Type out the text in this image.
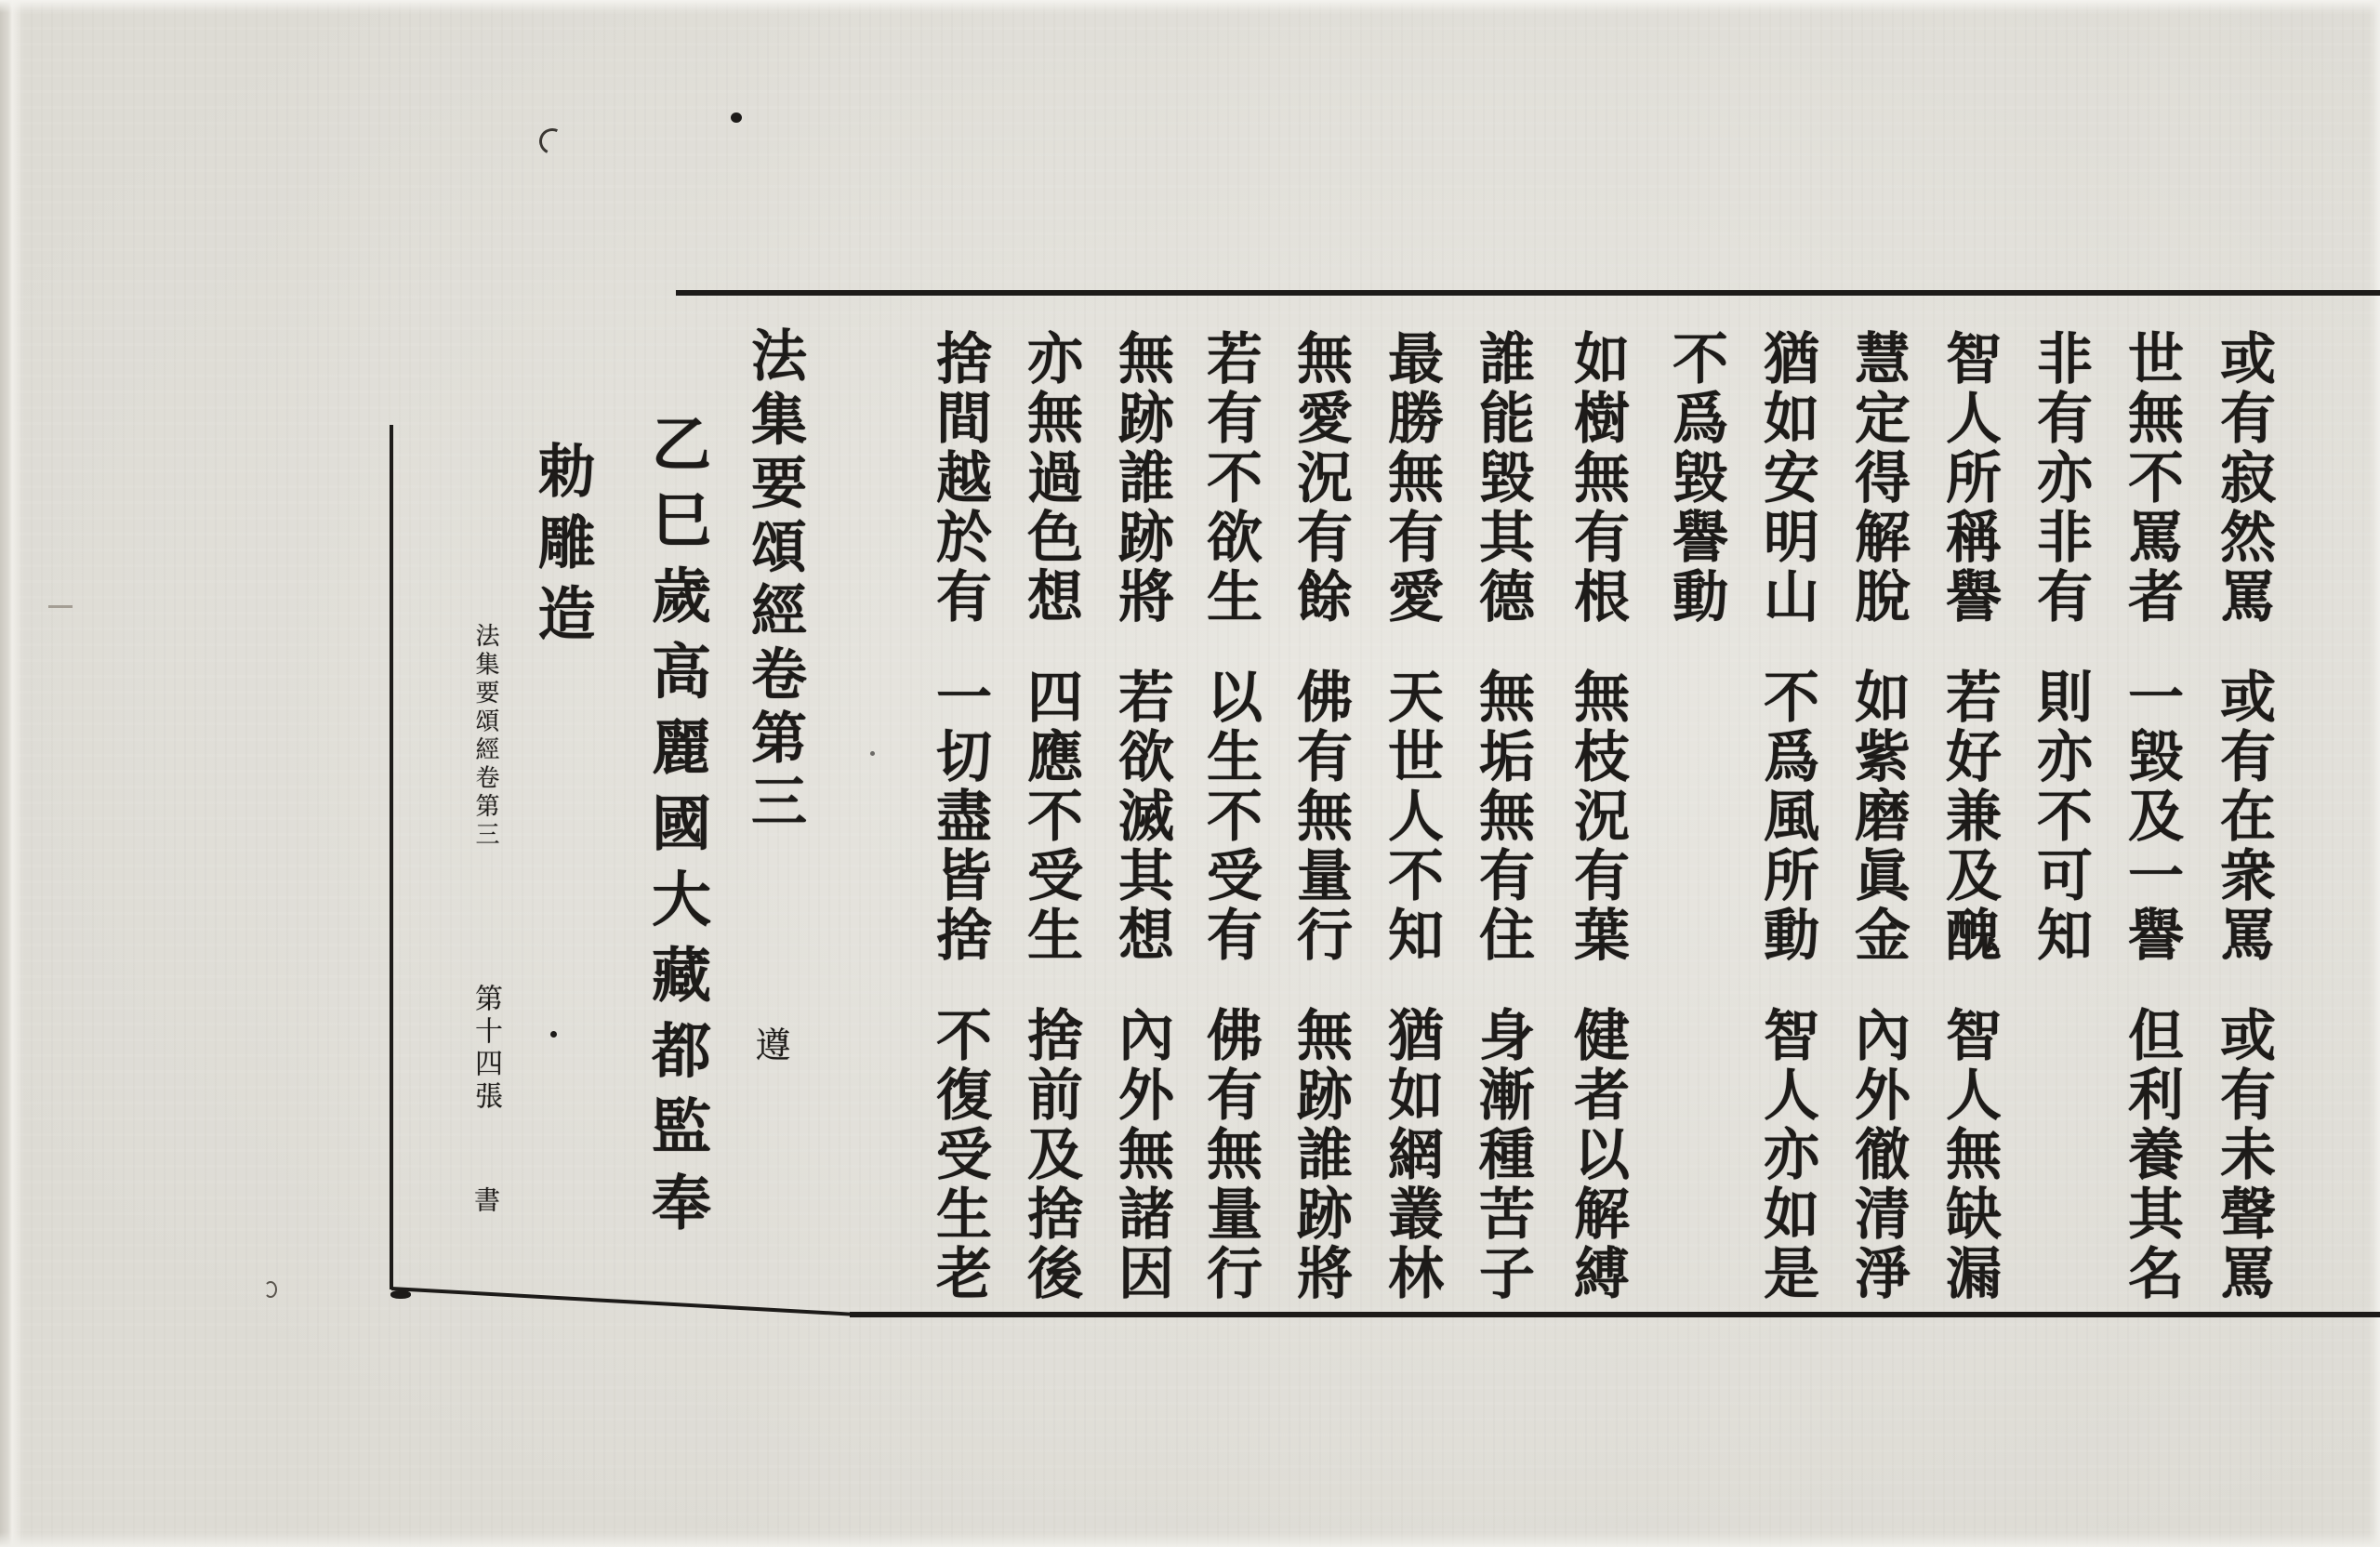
或有寂然罵
或有在衆罵
或有未聲罵
世無不罵者
一毀及一譽
但利養其名
非有亦非有
則亦不可知
智人所稱譽
若好兼及醜
智人無缺漏
慧定得解脫
如紫磨眞金
內外徹清淨
猶如安明山
不爲風所動
智人亦如是
不爲毀譽動
如樹無有根
無枝況有葉
健者以解縛
誰能毀其德
無垢無有住
身漸種苦子
最勝無有愛
天世人不知
猶如網叢林
無愛況有餘
佛有無量行
無跡誰跡將
若有不欲生
以生不受有
佛有無量行
無跡誰跡將
若欲滅其想
內外無諸因
亦無過色想
四應不受生
捨前及捨後
捨間越於有
一切盡皆捨
不復受生老
法集要頌經卷第三
遵
乙巳歲高麗國大藏都監奉
勅雕造
法集要頌經卷第三
第十四張
書
